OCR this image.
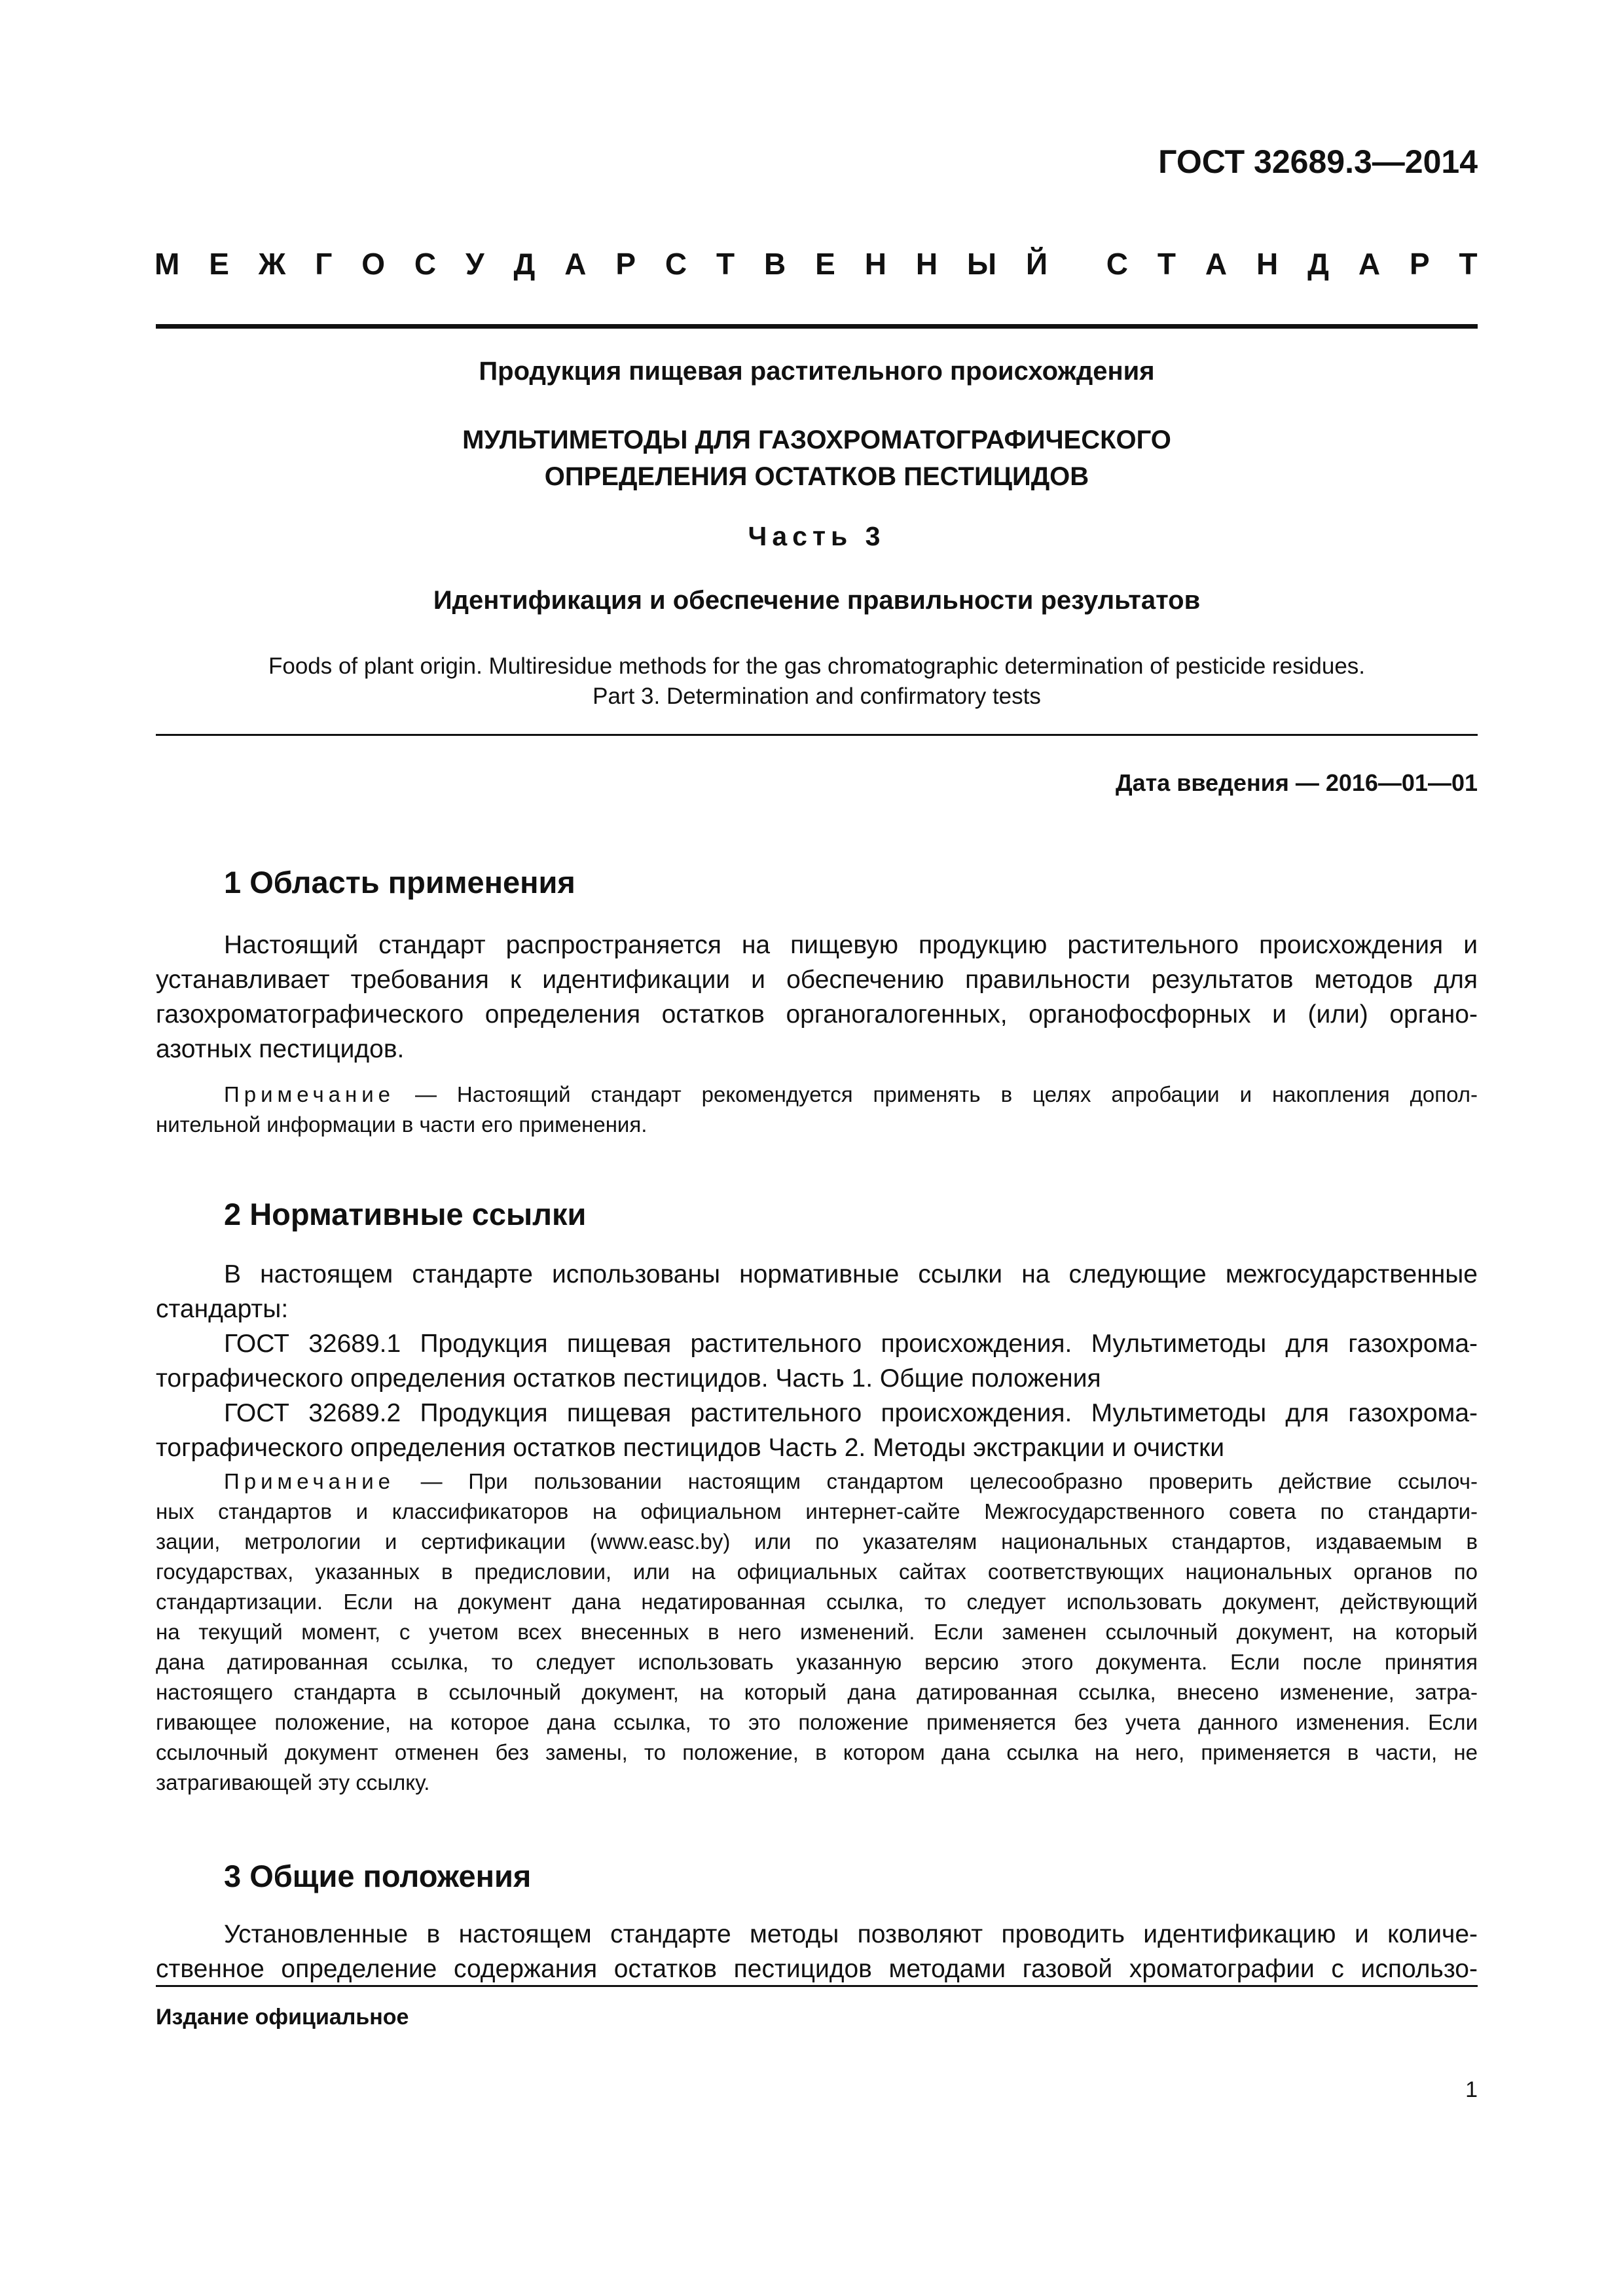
ГОСТ 32689.3—2014
М Е Ж Г О С У Д А Р С Т В Е Н Н Ы Й С Т А Н Д А Р Т
Продукция пищевая растительного происхождения
МУЛЬТИМЕТОДЫ ДЛЯ ГАЗОХРОМАТОГРАФИЧЕСКОГО
ОПРЕДЕЛЕНИЯ ОСТАТКОВ ПЕСТИЦИДОВ
Часть 3
Идентификация и обеспечение правильности результатов
Foods of plant origin. Multiresidue methods for the gas chromatographic determination of pesticide residues.
Part 3. Determination and confirmatory tests
Дата введения — 2016—01—01
1 Область применения
Настоящий стандарт распространяется на пищевую продукцию растительного происхождения и
устанавливает требования к идентификации и обеспечению правильности результатов методов для
газохроматографического определения остатков органогалогенных, органофосфорных и (или) органо-
азотных пестицидов.
Примечание — Настоящий стандарт рекомендуется применять в целях апробации и накопления допол-
нительной информации в части его применения.
2 Нормативные ссылки
В настоящем стандарте использованы нормативные ссылки на следующие межгосударственные
стандарты:
ГОСТ 32689.1 Продукция пищевая растительного происхождения. Мультиметоды для газохрома-
тографического определения остатков пестицидов. Часть 1. Общие положения
ГОСТ 32689.2 Продукция пищевая растительного происхождения. Мультиметоды для газохрома-
тографического определения остатков пестицидов Часть 2. Методы экстракции и очистки
Примечание — При пользовании настоящим стандартом целесообразно проверить действие ссылоч-
ных стандартов и классификаторов на официальном интернет-сайте Межгосударственного совета по стандарти-
зации, метрологии и сертификации (www.easc.by) или по указателям национальных стандартов, издаваемым в
государствах, указанных в предисловии, или на официальных сайтах соответствующих национальных органов по
стандартизации. Если на документ дана недатированная ссылка, то следует использовать документ, действующий
на текущий момент, с учетом всех внесенных в него изменений. Если заменен ссылочный документ, на который
дана датированная ссылка, то следует использовать указанную версию этого документа. Если после принятия
настоящего стандарта в ссылочный документ, на который дана датированная ссылка, внесено изменение, затра-
гивающее положение, на которое дана ссылка, то это положение применяется без учета данного изменения. Если
ссылочный документ отменен без замены, то положение, в котором дана ссылка на него, применяется в части, не
затрагивающей эту ссылку.
3 Общие положения
Установленные в настоящем стандарте методы позволяют проводить идентификацию и количе-
ственное определение содержания остатков пестицидов методами газовой хроматографии с использо-
Издание официальное
1
